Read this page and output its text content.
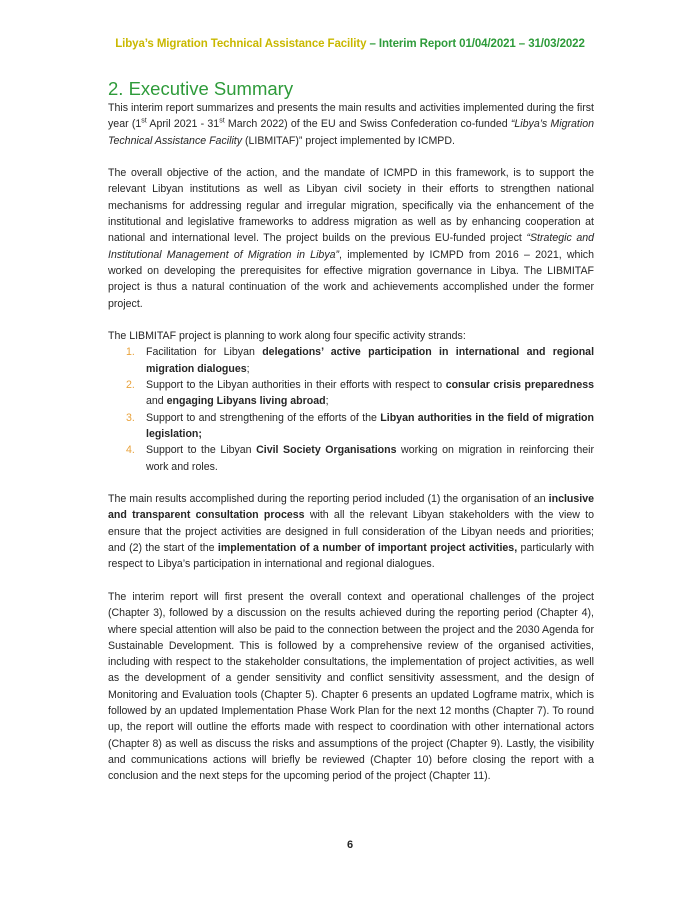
Libya’s Migration Technical Assistance Facility – Interim Report 01/04/2021 – 31/03/2022
2. Executive Summary

This interim report summarizes and presents the main results and activities implemented during the first year (1st April 2021 - 31st March 2022) of the EU and Swiss Confederation co-funded “Libya’s Migration Technical Assistance Facility (LIBMITAF)” project implemented by ICMPD.

The overall objective of the action, and the mandate of ICMPD in this framework, is to support the relevant Libyan institutions as well as Libyan civil society in their efforts to strengthen national mechanisms for addressing regular and irregular migration, specifically via the enhancement of the institutional and legislative frameworks to address migration as well as by enhancing cooperation at national and international level. The project builds on the previous EU-funded project “Strategic and Institutional Management of Migration in Libya”, implemented by ICMPD from 2016 – 2021, which worked on developing the prerequisites for effective migration governance in Libya. The LIBMITAF project is thus a natural continuation of the work and achievements accomplished under the former project.

The LIBMITAF project is planning to work along four specific activity strands:

1. Facilitation for Libyan delegations’ active participation in international and regional migration dialogues;
2. Support to the Libyan authorities in their efforts with respect to consular crisis preparedness and engaging Libyans living abroad;
3. Support to and strengthening of the efforts of the Libyan authorities in the field of migration legislation;
4. Support to the Libyan Civil Society Organisations working on migration in reinforcing their work and roles.

The main results accomplished during the reporting period included (1) the organisation of an inclusive and transparent consultation process with all the relevant Libyan stakeholders with the view to ensure that the project activities are designed in full consideration of the Libyan needs and priorities; and (2) the start of the implementation of a number of important project activities, particularly with respect to Libya’s participation in international and regional dialogues.

The interim report will first present the overall context and operational challenges of the project (Chapter 3), followed by a discussion on the results achieved during the reporting period (Chapter 4), where special attention will also be paid to the connection between the project and the 2030 Agenda for Sustainable Development. This is followed by a comprehensive review of the organised activities, including with respect to the stakeholder consultations, the implementation of project activities, as well as the development of a gender sensitivity and conflict sensitivity assessment, and the design of Monitoring and Evaluation tools (Chapter 5). Chapter 6 presents an updated Logframe matrix, which is followed by an updated Implementation Phase Work Plan for the next 12 months (Chapter 7). To round up, the report will outline the efforts made with respect to coordination with other international actors (Chapter 8) as well as discuss the risks and assumptions of the project (Chapter 9). Lastly, the visibility and communications actions will briefly be reviewed (Chapter 10) before closing the report with a conclusion and the next steps for the upcoming period of the project (Chapter 11).

6
